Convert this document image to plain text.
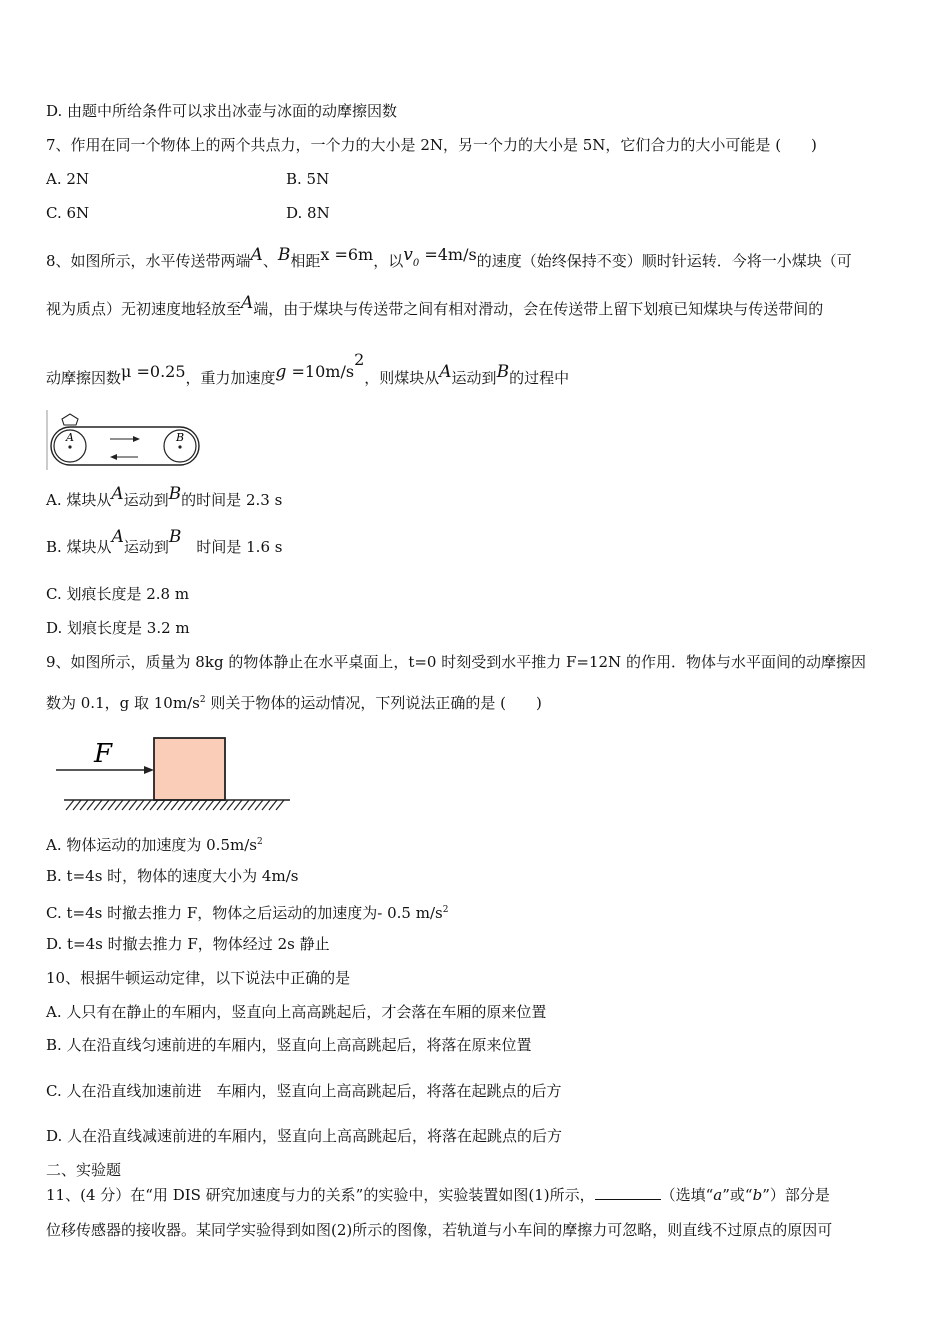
D. 由题中所给条件可以求出冰壶与冰面的动摩擦因数
7、作用在同一个物体上的两个共点力，一个力的大小是 2N，另一个力的大小是 5N，它们合力的大小可能是 (　　)
A. 2N	B. 5N
C. 6N	D. 8N
8、如图所示，水平传送带两端A、B相距x =6m，以$v_0 =4m/s$的速度（始终保持不变）顺时针运转．今将一小煤块（可
视为质点）无初速度地轻放至A端，由于煤块与传送带之间有相对滑动，会在传送带上留下划痕已知煤块与传送带间的
动摩擦因数μ =0.25，重力加速度$g =10m/s^2$，则煤块从A运动到B的过程中
A	B
A. 煤块从A运动到B的时间是 2.3 s
B. 煤块从A运动到B　时间是 1.6 s
C. 划痕长度是 2.8 m
D. 划痕长度是 3.2 m
9、如图所示，质量为 8kg 的物体静止在水平桌面上，t=0 时刻受到水平推力 F=12N 的作用．物体与水平面间的动摩擦因
数为 0.1，g 取 $10m/s^2$ 则关于物体的运动情况，下列说法正确的是 (　　)
F
A. 物体运动的加速度为 $0.5m/s^2$
B. t=4s 时，物体的速度大小为 4m/s
C. t=4s 时撤去推力 F，物体之后运动的加速度为- 0.5 $m/s^2$
D. t=4s 时撤去推力 F，物体经过 2s 静止
10、根据牛顿运动定律，以下说法中正确的是
A. 人只有在静止的车厢内，竖直向上高高跳起后，才会落在车厢的原来位置
B. 人在沿直线匀速前进的车厢内，竖直向上高高跳起后，将落在原来位置
C. 人在沿直线加速前进　车厢内，竖直向上高高跳起后，将落在起跳点的后方
D. 人在沿直线减速前进的车厢内，竖直向上高高跳起后，将落在起跳点的后方
二、实验题
11、(4 分）在“用 DIS 研究加速度与力的关系”的实验中，实验装置如图(1)所示，	（选填“a”或“b”）部分是
位移传感器的接收器。某同学实验得到如图(2)所示的图像，若轨道与小车间的摩擦力可忽略，则直线不过原点的原因可
